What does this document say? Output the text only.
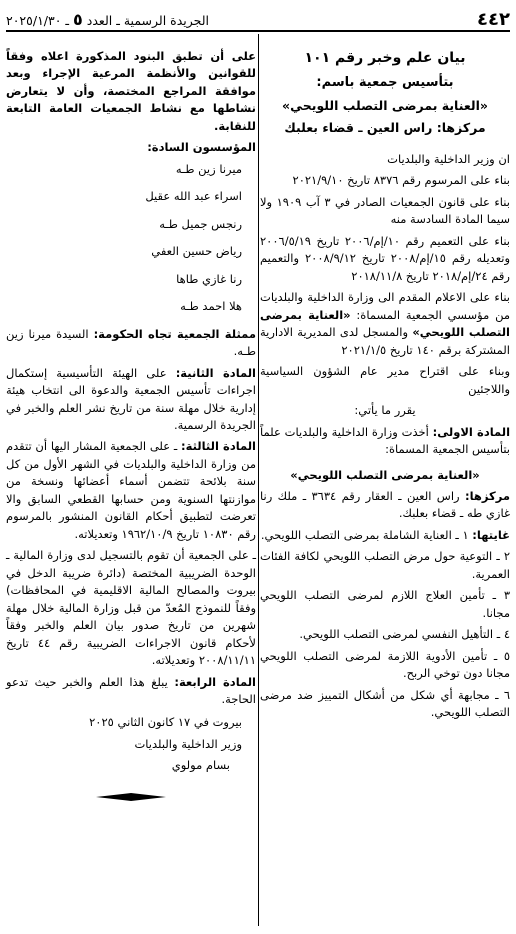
٤٤٢
الجريدة الرسمية ـ العدد ٥ ـ ٢٠٢٥/١/٣٠
بيان علم وخبر رقم ١٠١
بتأسيس جمعية باسم:
«العناية بمرضى التصلب اللويحي»
مركزها: راس العين ـ قضاء بعلبك

ان وزير الداخلية والبلديات

بناء على المرسوم رقم ٨٣٧٦ تاريخ ٢٠٢١/٩/١٠

بناء على قانون الجمعيات الصادر في ٣ آب ١٩٠٩ ولا سيما المادة السادسة منه

بناء على التعميم رقم ١٠/إم/٢٠٠٦ تاريخ ٢٠٠٦/٥/١٩ وتعديله رقم ١٥/إم/٢٠٠٨ تاريخ ٢٠٠٨/٩/١٢ والتعميم رقم ٢٤/إم/٢٠١٨ تاريخ ٢٠١٨/١١/٨

بناء على الاعلام المقدم الى وزارة الداخلية والبلديات من مؤسسي الجمعية المسماة: «العناية بمرضى التصلب اللويحي» والمسجل لدى المديرية الادارية المشتركة برقم ١٤٠ تاريخ ٢٠٢١/١/٥

وبناء على اقتراح مدير عام الشؤون السياسية واللاجئين

يقرر ما يأتي:

المادة الاولى: أخذت وزارة الداخلية والبلديات علماً بتأسيس الجمعية المسماة:

«العناية بمرضى التصلب اللويحي»

مركزها: راس العين ـ العقار رقم ٣٦٣٤ ـ ملك رنا غازي طه ـ قضاء بعلبك.

غايتها: ١ ـ العناية الشاملة بمرضى التصلب اللويحي.

٢ ـ التوعية حول مرض التصلب اللويحي لكافة الفئات العمرية.

٣ ـ تأمين العلاج اللازم لمرضى التصلب اللويحي مجانا.

٤ ـ التأهيل النفسي لمرضى التصلب اللويحي.

٥ ـ تأمين الأدوية اللازمة لمرضى التصلب اللويحي مجانا دون توخي الربح.

٦ ـ مجابهة أي شكل من أشكال التمييز ضد مرضى التصلب اللويحي.

على أن تطبق البنود المذكورة اعلاه وفقاً للقوانين والأنظمة المرعية الإجراء وبعد موافقة المراجع المختصة، وأن لا يتعارض نشاطها مع نشاط الجمعيات العامة التابعة للنقابة.

المؤسسون السادة:

ميرنا زين طـه

اسراء عبد الله عقيل

رنجس جميل طـه

رياض حسين العفي

رنا غازي طاها

هلا احمد طـه

ممثلة الجمعية تجاه الحكومة: السيدة ميرنا زين طـه.

المادة الثانية: على الهيئة التأسيسية إستكمال اجراءات تأسيس الجمعية والدعوة الى انتخاب هيئة إدارية خلال مهلة سنة من تاريخ نشر العلم والخبر في الجريدة الرسمية.

المادة الثالثة: ـ على الجمعية المشار اليها أن تتقدم من وزارة الداخلية والبلديات في الشهر الأول من كل سنة بلائحة تتضمن أسماء أعضائها ونسخة من موازنتها السنوية ومن حسابها القطعي السابق والا تعرضت لتطبيق أحكام القانون المنشور بالمرسوم رقم ١٠٨٣٠ تاريخ ١٩٦٢/١٠/٩ وتعديلاته.

ـ على الجمعية أن تقوم بالتسجيل لدى وزارة المالية ـ الوحدة الضريبية المختصة (دائرة ضريبة الدخل في بيروت والمصالح المالية الاقليمية في المحافظات) وفقاً للنموذج المُعدّ من قبل وزارة المالية خلال مهلة شهرين من تاريخ صدور بيان العلم والخبر وفقاً لأحكام قانون الاجراءات الضريبية رقم ٤٤ تاريخ ٢٠٠٨/١١/١١ وتعديلاته.

المادة الرابعة: يبلغ هذا العلم والخبر حيث تدعو الحاجة.

بيروت في ١٧ كانون الثاني ٢٠٢٥

وزير الداخلية والبلديات

بسام مولوي
